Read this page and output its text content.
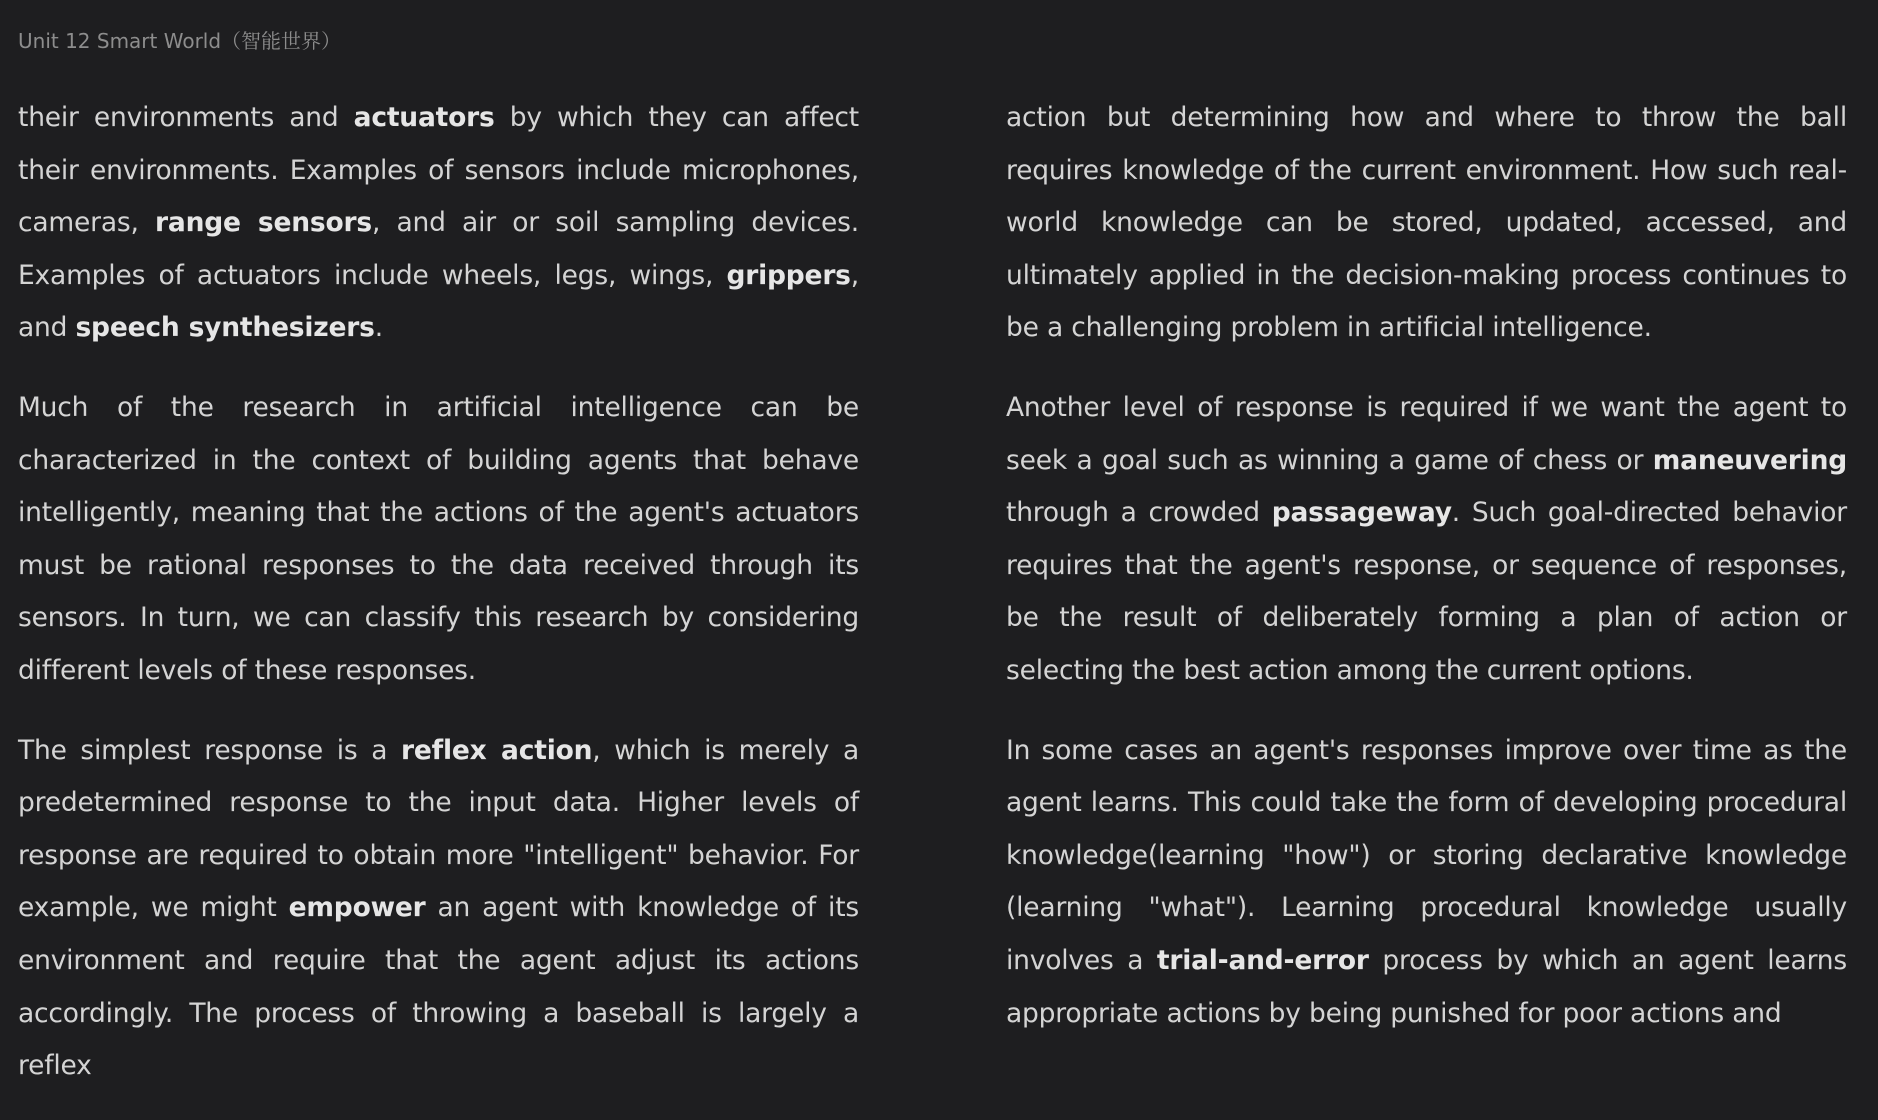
Unit 12 Smart World（智能世界）

their environments and actuators by which they can affect their environments. Examples of sensors include microphones, cameras, range sensors, and air or soil sampling devices. Examples of actuators include wheels, legs, wings, grippers, and speech synthesizers.

Much of the research in artificial intelligence can be characterized in the context of building agents that behave intelligently, meaning that the actions of the agent's actuators must be rational responses to the data received through its sensors. In turn, we can classify this research by considering different levels of these responses.

The simplest response is a reflex action, which is merely a predetermined response to the input data. Higher levels of response are required to obtain more "intelligent" behavior. For example, we might empower an agent with knowledge of its environment and require that the agent adjust its actions accordingly. The process of throwing a baseball is largely a reflex

action but determining how and where to throw the ball requires knowledge of the current environment. How such real-world knowledge can be stored, updated, accessed, and ultimately applied in the decision-making process continues to be a challenging problem in artificial intelligence.

Another level of response is required if we want the agent to seek a goal such as winning a game of chess or maneuvering through a crowded passageway. Such goal-directed behavior requires that the agent's response, or sequence of responses, be the result of deliberately forming a plan of action or selecting the best action among the current options.

In some cases an agent's responses improve over time as the agent learns. This could take the form of developing procedural knowledge(learning "how") or storing declarative knowledge (learning "what"). Learning procedural knowledge usually involves a trial-and-error process by which an agent learns appropriate actions by being punished for poor actions and
